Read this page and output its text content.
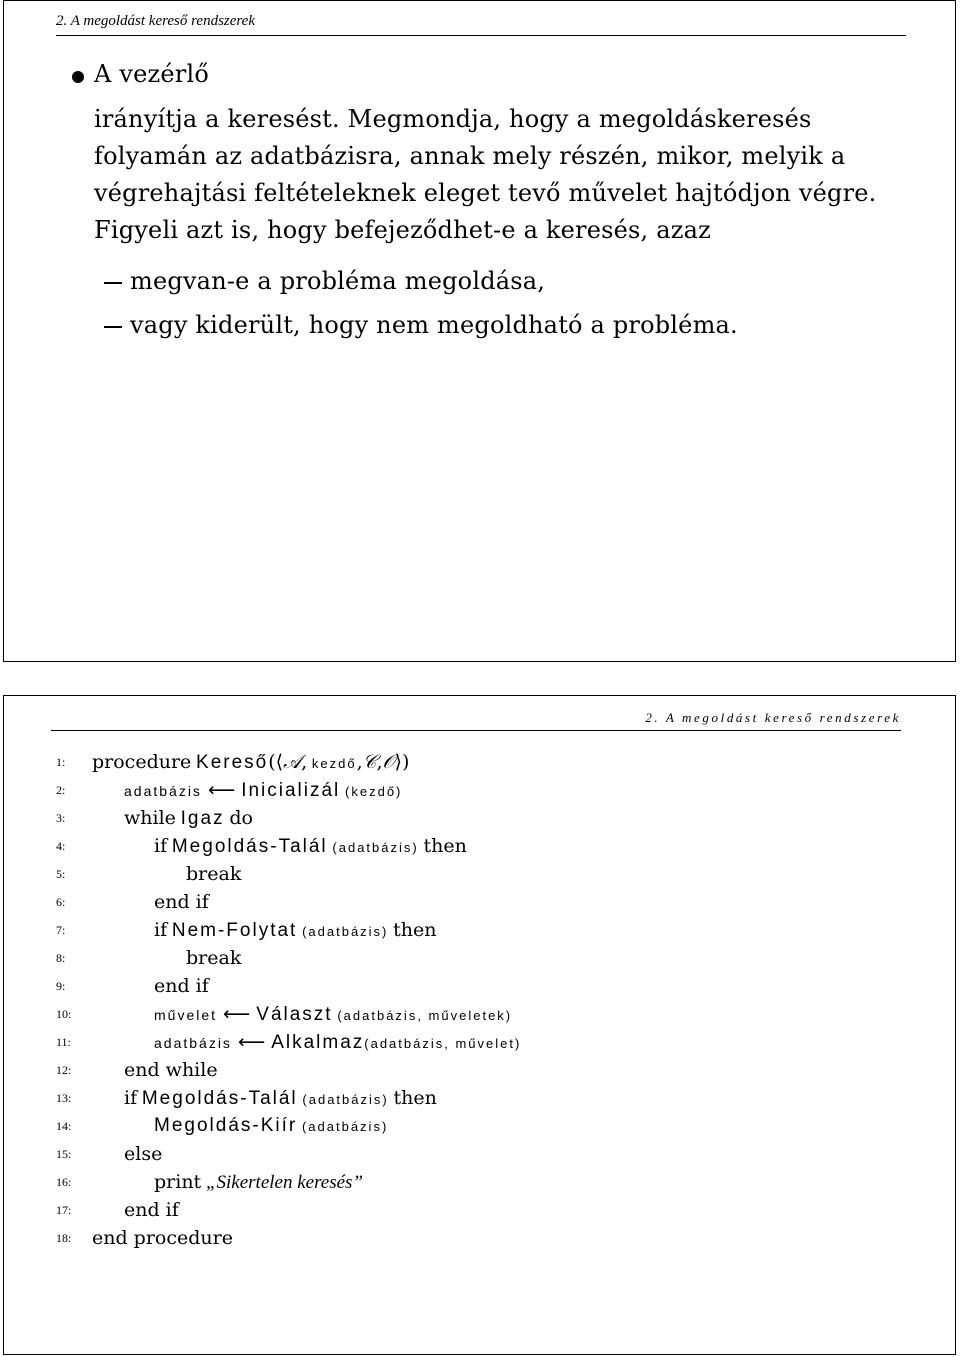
2. A megoldást kereső rendszerek
A vezérlő
irányítja a keresést. Megmondja, hogy a megoldáskeresés folyamán az adatbázisra, annak mely részén, mikor, melyik a végrehajtási feltételeknek eleget tevő művelet hajtódjon végre. Figyeli azt is, hogy befejeződhet-e a keresés, azaz
megvan-e a probléma megoldása,
vagy kiderült, hogy nem megoldható a probléma.
2. A megoldást kereső rendszerek
1:	procedure Kereső(⟨𝒜, kezdő,𝒞,𝒪⟩)
2:	adatbázis ⟵ Inicializál (kezdő)
3:	while Igaz do
4:	if Megoldás-Talál (adatbázis) then
5:	break
6:	end if
7:	if Nem-Folytat (adatbázis) then
8:	break
9:	end if
10:	művelet ⟵ Választ (adatbázis, műveletek)
11:	adatbázis ⟵ Alkalmaz(adatbázis, művelet)
12:	end while
13:	if Megoldás-Talál (adatbázis) then
14:	Megoldás-Kiír (adatbázis)
15:	else
16:	print „Sikertelen keresés”
17:	end if
18:	end procedure
